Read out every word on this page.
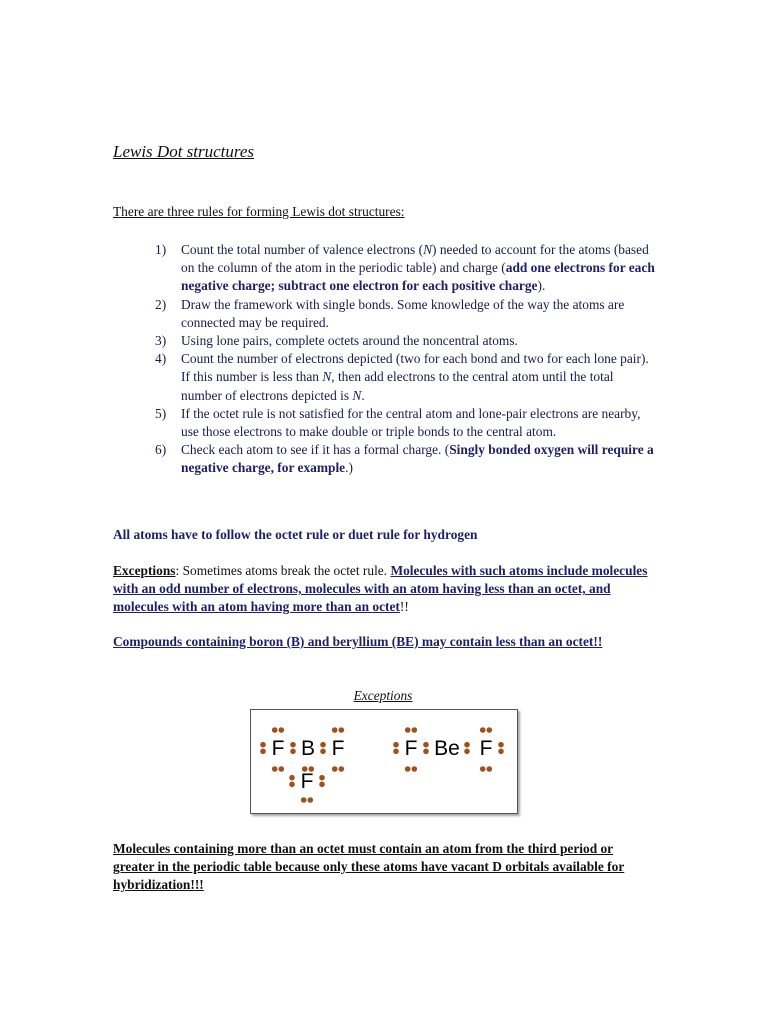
Lewis Dot structures
There are three rules for forming Lewis dot structures:
1) Count the total number of valence electrons (N) needed to account for the atoms (based on the column of the atom in the periodic table) and charge (add one electrons for each negative charge; subtract one electron for each positive charge).
2) Draw the framework with single bonds. Some knowledge of the way the atoms are connected may be required.
3) Using lone pairs, complete octets around the noncentral atoms.
4) Count the number of electrons depicted (two for each bond and two for each lone pair). If this number is less than N, then add electrons to the central atom until the total number of electrons depicted is N.
5) If the octet rule is not satisfied for the central atom and lone-pair electrons are nearby, use those electrons to make double or triple bonds to the central atom.
6) Check each atom to see if it has a formal charge. (Singly bonded oxygen will require a negative charge, for example.)
All atoms have to follow the octet rule or duet rule for hydrogen
Exceptions: Sometimes atoms break the octet rule. Molecules with such atoms include molecules with an odd number of electrons, molecules with an atom having less than an octet, and molecules with an atom having more than an octet!!
Compounds containing boron (B) and beryllium (BE) may contain less than an octet!!
Exceptions
F B F
F
F Be F
Molecules containing more than an octet must contain an atom from the third period or greater in the periodic table because only these atoms have vacant D orbitals available for hybridization!!!
